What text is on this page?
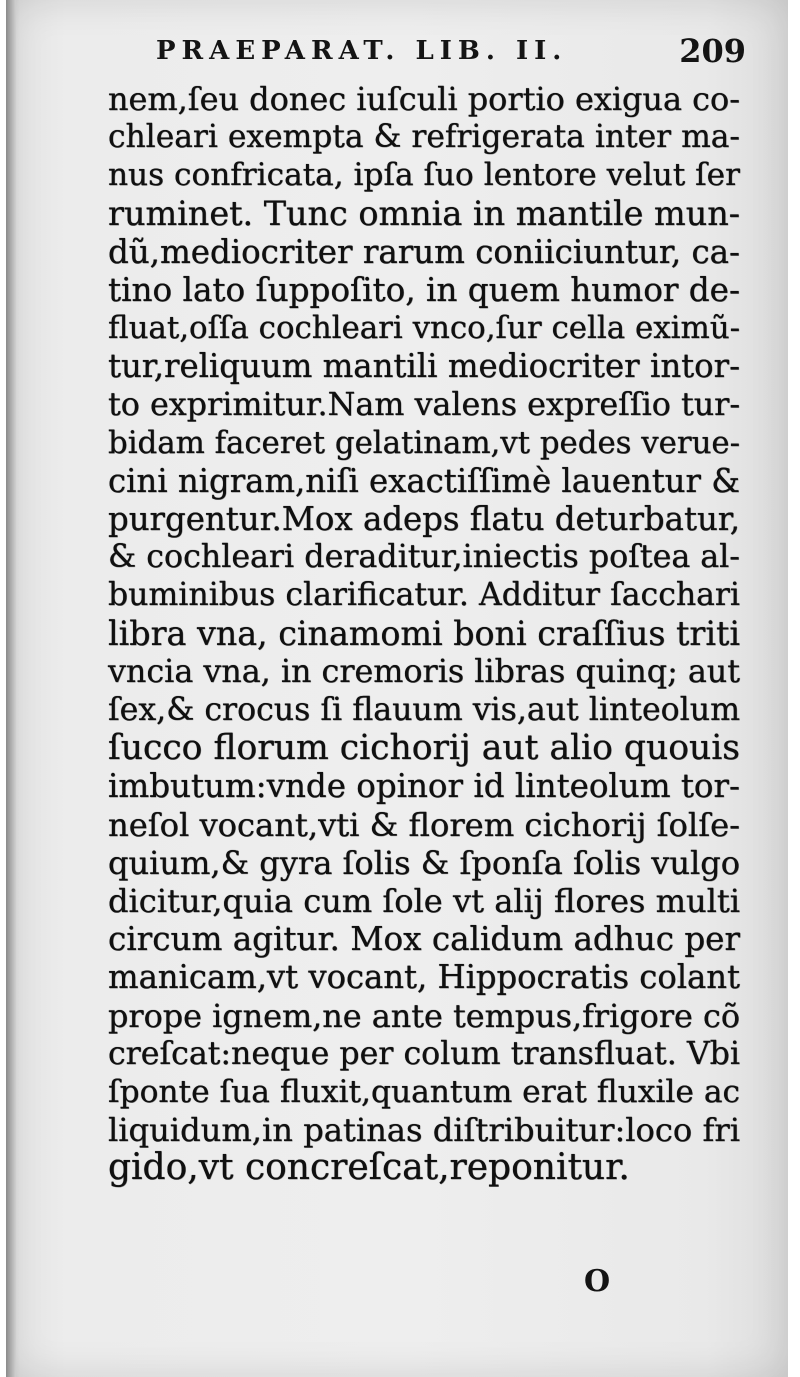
PRAEPARAT. LIB. II.	209
nem,ſeu donec iuſculi portio exigua co-
chleari exempta & refrigerata inter ma-
nus confricata, ipſa ſuo lentore velut ſer
ruminet. Tunc omnia in mantile mun-
dũ,mediocriter rarum coniiciuntur, ca-
tino lato ſuppoſito, in quem humor de-
fluat,oſſa cochleari vnco,ſur cella eximũ-
tur,reliquum mantili mediocriter intor-
to exprimitur.Nam valens expreſſio tur-
bidam faceret gelatinam,vt pedes verue-
cini nigram,niſi exactiſſimè lauentur &
purgentur.Mox adeps flatu deturbatur,
& cochleari deraditur,iniectis poſtea al-
buminibus clarificatur. Additur ſacchari
libra vna, cinamomi boni craſſius triti
vncia vna, in cremoris libras quinq; aut
ſex,& crocus ſi flauum vis,aut linteolum
ſucco florum cichorij aut alio quouis
imbutum:vnde opinor id linteolum tor-
neſol vocant,vti & florem cichorij ſolſe-
quium,& gyra ſolis & ſponſa ſolis vulgo
dicitur,quia cum ſole vt alij flores multi
circum agitur. Mox calidum adhuc per
manicam,vt vocant, Hippocratis colant
prope ignem,ne ante tempus,frigore cõ
creſcat:neque per colum transfluat. Vbi
ſponte ſua fluxit,quantum erat fluxile ac
liquidum,in patinas diſtribuitur:loco fri
gido,vt concreſcat,reponitur.
O
